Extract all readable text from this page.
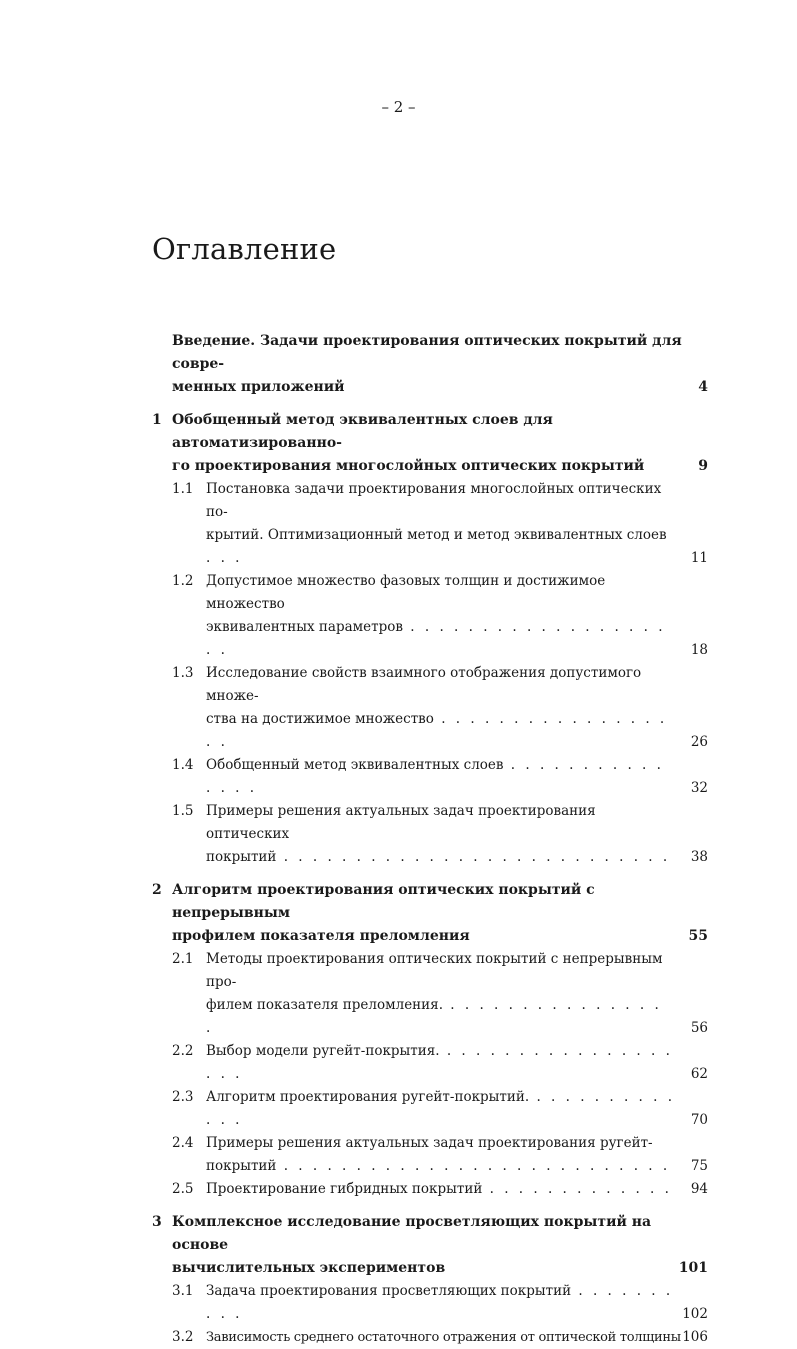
– 2 –
Оглавление
Введение. Задачи проектирования оптических покрытий для совре-
менных приложений	4
1 Обобщенный метод эквивалентных слоев для автоматизированно-
го проектирования многослойных оптических покрытий	9
1.1 Постановка задачи проектирования многослойных оптических по-
крытий. Оптимизационный метод и метод эквивалентных слоев . . .	11
1.2 Допустимое множество фазовых толщин и достижимое множество
эквивалентных параметров . . . . . . . . . . . . . . . . . . . .	18
1.3 Исследование свойств взаимного отображения допустимого множе-
ства на достижимое множество . . . . . . . . . . . . . . . . . .	26
1.4 Обобщенный метод эквивалентных слоев . . . . . . . . . . . . . . .	32
1.5 Примеры решения актуальных задач проектирования оптических
покрытий . . . . . . . . . . . . . . . . . . . . . . . . . . .	38
2 Алгоритм проектирования оптических покрытий с непрерывным
профилем показателя преломления	55
2.1 Методы проектирования оптических покрытий с непрерывным про-
филем показателя преломления. . . . . . . . . . . . . . . . .	56
2.2 Выбор модели ругейт-покрытия. . . . . . . . . . . . . . . . . . . .	62
2.3 Алгоритм проектирования ругейт-покрытий. . . . . . . . . . . . . .	70
2.4 Примеры решения актуальных задач проектирования ругейт-
покрытий . . . . . . . . . . . . . . . . . . . . . . . . . . .	75
2.5 Проектирование гибридных покрытий . . . . . . . . . . . . .	94
3 Комплексное исследование просветляющих покрытий на основе
вычислительных экспериментов	101
3.1 Задача проектирования просветляющих покрытий . . . . . . . . . .	102
3.2 Зависимость среднего остаточного отражения от оптической толщины 106
